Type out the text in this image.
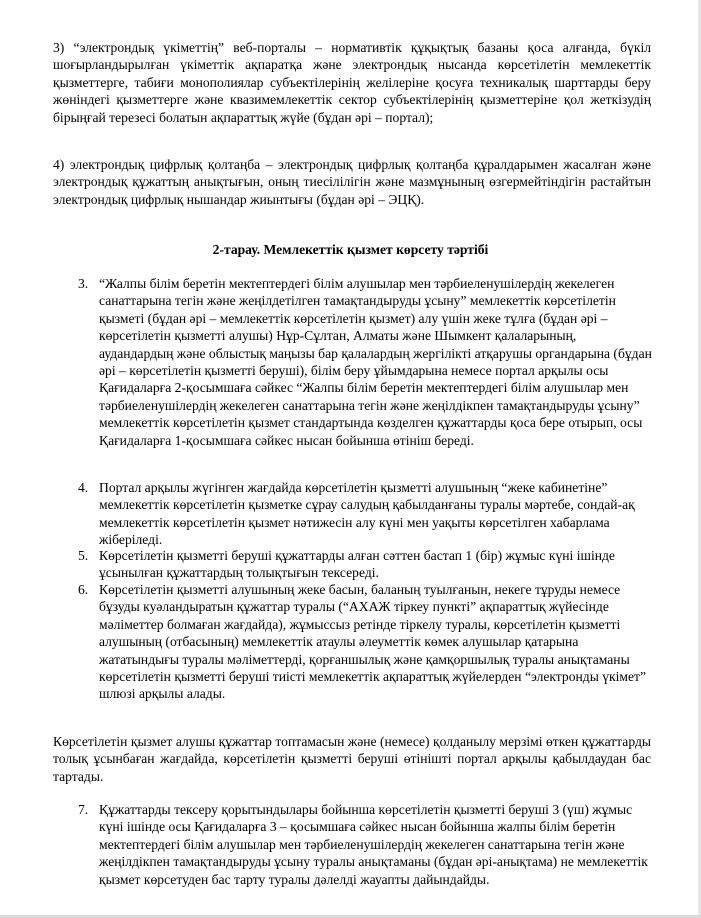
3) “электрондық үкіметтің” веб-порталы – нормативтік құқықтық базаны қоса алғанда, бүкіл шоғырландырылған үкіметтік ақпаратқа және электрондық нысанда көрсетілетін мемлекеттік қызметтерге, табиғи монополиялар субъектілерінің желілеріне қосуға техникалық шарттарды беру жөніндегі қызметтерге және квазимемлекеттік сектор субъектілерінің қызметтеріне қол жеткізудің бірыңғай терезесі болатын ақпараттық жүйе (бұдан әрі – портал);

4) электрондық цифрлық қолтаңба – электрондық цифрлық қолтаңба құралдарымен жасалған және электрондық құжаттың анықтығын, оның тиесілілігін және мазмұнының өзгермейтіндігін растайтын электрондық цифрлық нышандар жиынтығы (бұдан әрі – ЭЦҚ).

2-тарау. Мемлекеттік қызмет көрсету тәртібі

3. “Жалпы білім беретін мектептердегі білім алушылар мен тәрбиеленушілердің жекелеген санаттарына тегін және жеңілдетілген тамақтандыруды ұсыну” мемлекеттік көрсетілетін қызметі (бұдан әрі – мемлекеттік көрсетілетін қызмет) алу үшін жеке тұлға (бұдан әрі – көрсетілетін қызметті алушы) Нұр-Сұлтан, Алматы және Шымкент қалаларының, аудандардың және облыстық маңызы бар қалалардың жергілікті атқарушы органдарына (бұдан әрі – көрсетілетін қызметті беруші), білім беру ұйымдарына немесе портал арқылы осы Қағидаларға 2-қосымшаға сәйкес “Жалпы білім беретін мектептердегі білім алушылар мен тәрбиеленушілердің жекелеген санаттарына тегін және жеңілдікпен тамақтандыруды ұсыну” мемлекеттік көрсетілетін қызмет стандартында көзделген құжаттарды қоса бере отырып, осы Қағидаларға 1-қосымшаға сәйкес нысан бойынша өтініш береді.
4. Портал арқылы жүгінген жағдайда көрсетілетін қызметті алушының “жеке кабинетіне” мемлекеттік көрсетілетін қызметке сұрау салудың қабылданғаны туралы мәртебе, сондай-ақ мемлекеттік көрсетілетін қызмет нәтижесін алу күні мен уақыты көрсетілген хабарлама жіберіледі.
5. Көрсетілетін қызметті беруші құжаттарды алған сәттен бастап 1 (бір) жұмыс күні ішінде ұсынылған құжаттардың толықтығын тексереді.
6. Көрсетілетін қызметті алушының жеке басын, баланың туылғанын, некеге тұруды немесе бұзуды куәландыратын құжаттар туралы (“АХАЖ тіркеу пункті” ақпараттық жүйесінде мәліметтер болмаған жағдайда), жұмыссыз ретінде тіркелу туралы, көрсетілетін қызметті алушының (отбасының) мемлекеттік атаулы әлеуметтік көмек алушылар қатарына жататындығы туралы мәліметтерді, қорғаншылық және қамқоршылық туралы анықтаманы көрсетілетін қызметті беруші тиісті мемлекеттік ақпараттық жүйелерден “электронды үкімет” шлюзі арқылы алады.

Көрсетілетін қызмет алушы құжаттар топтамасын және (немесе) қолданылу мерзімі өткен құжаттарды толық ұсынбаған жағдайда, көрсетілетін қызметті беруші өтінішті портал арқылы қабылдаудан бас тартады.

7. Құжаттарды тексеру қорытындылары бойынша көрсетілетін қызметті беруші 3 (үш) жұмыс күні ішінде осы Қағидаларға 3 – қосымшаға сәйкес нысан бойынша жалпы білім беретін мектептердегі білім алушылар мен тәрбиеленушілердің жекелеген санаттарына тегін және жеңілдікпен тамақтандыруды ұсыну туралы анықтаманы (бұдан әрі-анықтама) не мемлекеттік қызмет көрсетуден бас тарту туралы дәлелді жауапты дайындайды.
